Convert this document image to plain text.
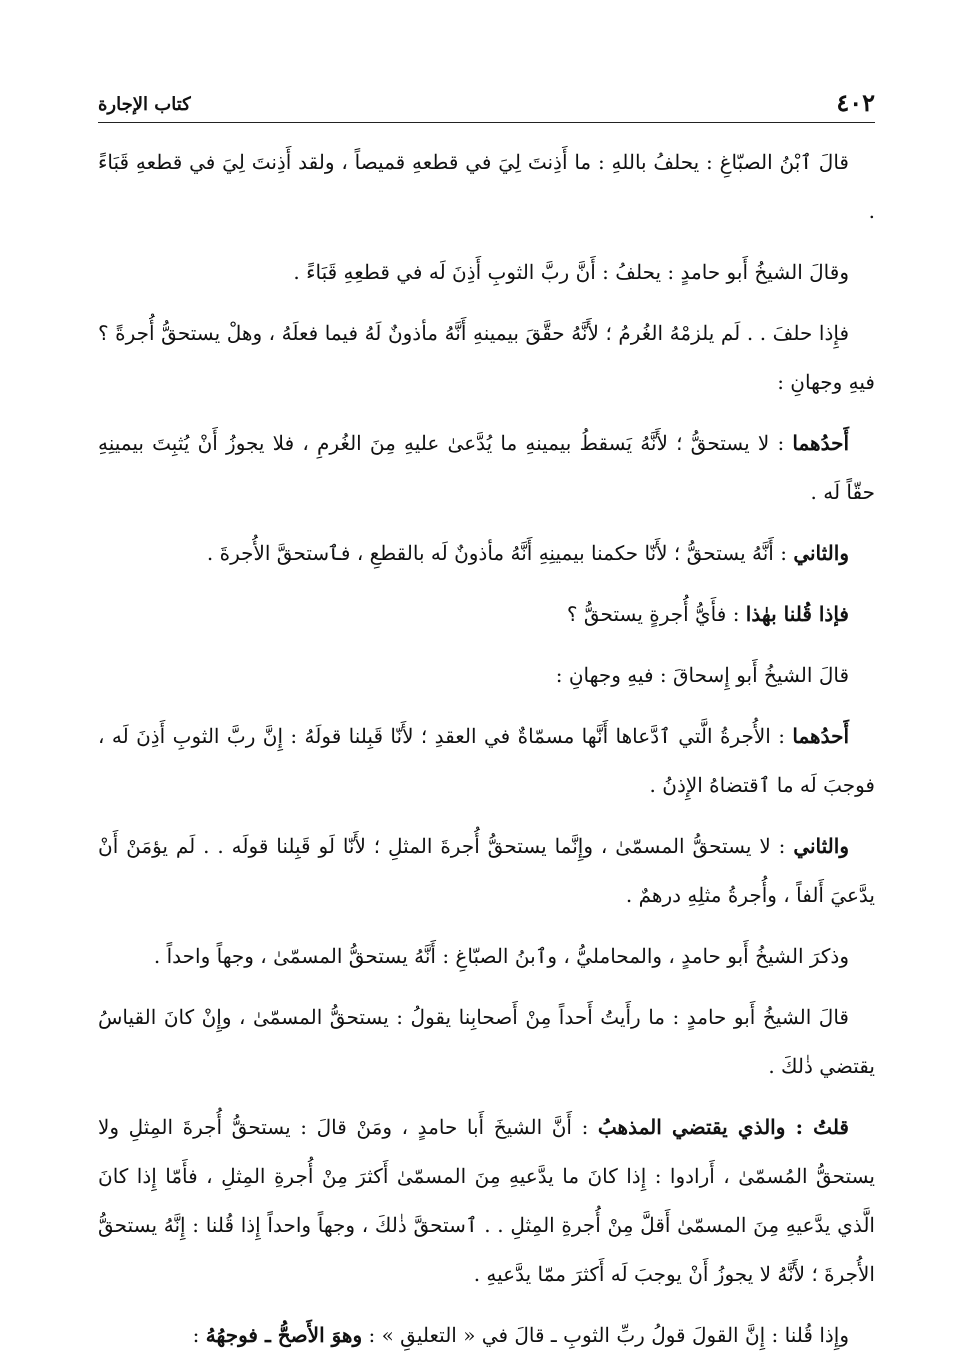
٤٠٢
كتاب الإجارة

قالَ ٱبْنُ الصبّاغِ : يحلفُ باللهِ : ما أَذِنتَ لِيَ في قطعهِ قميصاً ، ولقد أَذِنتَ لِيَ في قطعهِ قَبَاءً .

وقالَ الشيخُ أَبو حامدٍ : يحلفُ : أَنَّ ربَّ الثوبِ أَذِنَ لَه في قطعِهِ قَبَاءً .

فإِذا حلفَ . . لَم يلزمْهُ الغُرمُ ؛ لأَنَّهُ حقَّقَ بيمينهِ أَنَّهُ مأذونٌ لَهُ فيما فعلَهُ ، وهلْ يستحقُّ أُجرةً ؟ فيهِ وجهانِ :

أَحدُهما : لا يستحقُّ ؛ لأَنَّهُ يَسقطُ بيمينهِ ما يُدَّعىٰ عليهِ مِنَ الغُرمِ ، فلا يجوزُ أَنْ يُثبِتَ بيمينِهِ حقّاً لَه .

والثاني : أَنَّهُ يستحقُّ ؛ لأَنّا حكمنا بيمينِهِ أَنَّهُ مأذونٌ لَه بالقطعِ ، فٱستحقَّ الأُجرةَ .

فإذا قُلنا بهٰذا : فأَيُّ أُجرةٍ يستحقُّ ؟

قالَ الشيخُ أَبو إِسحاقَ : فيهِ وجهانِ :

أَحدُهما : الأُجرةُ الَّتي ٱدَّعاها أَنَّها مسمّاةٌ في العقدِ ؛ لأَنّا قَبِلنا قولَهُ : إِنَّ ربَّ الثوبِ أَذِنَ لَه ، فوجبَ لَه ما ٱقتضاهُ الإِذنُ .

والثاني : لا يستحقُّ المسمّىٰ ، وإِنَّما يستحقُّ أُجرةَ المثلِ ؛ لأَنّا لَو قَبِلنا قولَه . . لَم يؤمَنْ أَنْ يدَّعيَ أَلفاً ، وأُجرةُ مثلِهِ درهمٌ .

وذكرَ الشيخُ أَبو حامدٍ ، والمحامليُّ ، وٱبنُ الصبّاغِ : أَنَّهُ يستحقُّ المسمّىٰ ، وجهاً واحداً .

قالَ الشيخُ أَبو حامدٍ : ما رأَيتُ أَحداً مِنْ أَصحابِنا يقولُ : يستحقُّ المسمّىٰ ، وإِنْ كانَ القياسُ يقتضي ذٰلكَ .

قلتُ : والذي يقتضي المذهبُ : أَنَّ الشيخَ أَبا حامدٍ ، ومَنْ قالَ : يستحقُّ أُجرةَ المِثلِ ولا يستحقُّ المُسمّىٰ ، أَرادوا : إِذا كانَ ما يدَّعيهِ مِنَ المسمّىٰ أَكثرَ مِنْ أُجرةِ المِثلِ ، فأَمّا إِذا كانَ الَّذي يدَّعيهِ مِنَ المسمّىٰ أَقلَّ مِنْ أُجرةِ المِثلِ . . ٱستحقَّ ذٰلكَ ، وجهاً واحداً إِذا قُلنا : إِنَّهُ يستحقُّ الأُجرةَ ؛ لأَنَّهُ لا يجوزُ أَنْ يوجبَ لَه أَكثرَ ممّا يدَّعيهِ .

وإِذا قُلنا : إِنَّ القولَ قولُ ربِّ الثوبِ ـ قالَ في « التعليقِ » : وهوَ الأَصحُّ ـ فوجهُهُ :
